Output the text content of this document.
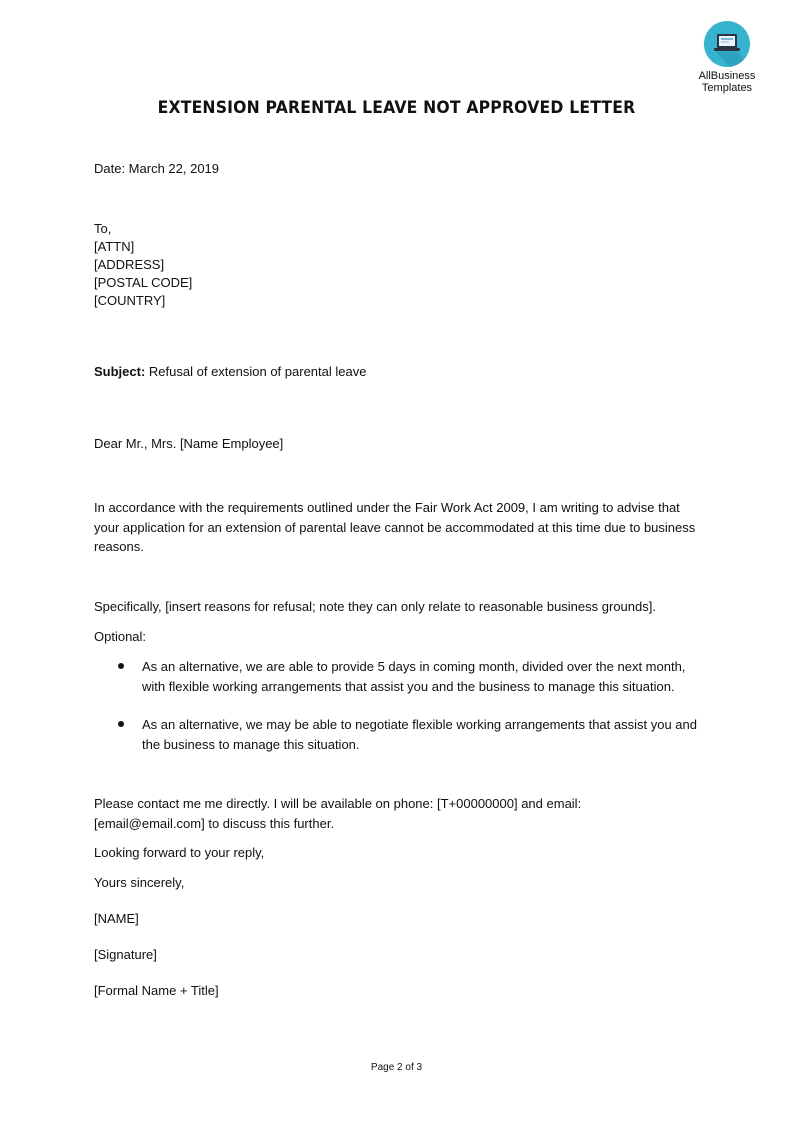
AllBusiness
Templates
EXTENSION PARENTAL LEAVE NOT APPROVED LETTER
Date: March 22, 2019
To,
[ATTN]
[ADDRESS]
[POSTAL CODE]
[COUNTRY]
Subject: Refusal of extension of parental leave
Dear Mr., Mrs. [Name Employee]
In accordance with the requirements outlined under the Fair Work Act 2009, I am writing to advise that your application for an extension of parental leave cannot be accommodated at this time due to business reasons.
Specifically, [insert reasons for refusal; note they can only relate to reasonable business grounds].
Optional:
As an alternative, we are able to provide 5 days in coming month, divided over the next month, with flexible working arrangements that assist you and the business to manage this situation.
As an alternative, we may be able to negotiate flexible working arrangements that assist you and the business to manage this situation.
Please contact me me directly. I will be available on phone: [T+00000000] and email: [email@email.com] to discuss this further.
Looking forward to your reply,
Yours sincerely,
[NAME]
[Signature]
[Formal Name + Title]
Page 2 of 3
